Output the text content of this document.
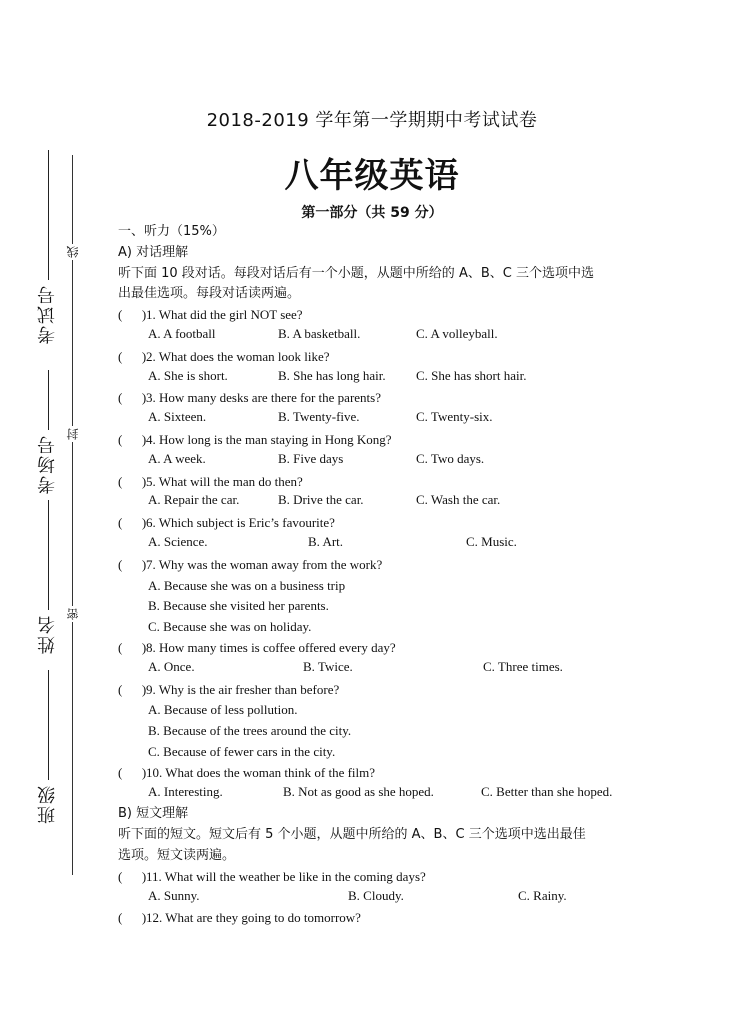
考试号
考场号
姓名
班级
线
封
密
2018-2019 学年第一学期期中考试试卷
八年级英语
第一部分（共 59 分）
一、听力（15%）
A) 对话理解
听下面 10 段对话。每段对话后有一个小题，从题中所给的 A、B、C 三个选项中选
出最佳选项。每段对话读两遍。
(      )1. What did the girl NOT see?
A. A football	B. A basketball.	C. A volleyball.
(      )2. What does the woman look like?
A. She is short.	B. She has long hair. C. She has short hair.
(      )3. How many desks are there for the parents?
A. Sixteen.	B. Twenty-five.	C. Twenty-six.
(      )4. How long is the man staying in Hong Kong?
A. A week.	B. Five days	C. Two days.
(      )5. What will the man do then?
A. Repair the car.	B. Drive the car.	C. Wash the car.
(      )6. Which subject is Eric’s favourite?
A. Science.	B. Art.	C. Music.
(      )7. Why was the woman away from the work?
A. Because she was on a business trip
B. Because she visited her parents.
C. Because she was on holiday.
(      )8. How many times is coffee offered every day?
A. Once.	B. Twice.	C. Three times.
(      )9. Why is the air fresher than before?
A. Because of less pollution.
B. Because of the trees around the city.
C. Because of fewer cars in the city.
(      )10. What does the woman think of the film?
A. Interesting.	B. Not as good as she hoped.	C. Better than she hoped.
B) 短文理解
听下面的短文。短文后有 5 个小题，从题中所给的 A、B、C 三个选项中选出最佳
选项。短文读两遍。
(      )11. What will the weather be like in the coming days?
A. Sunny.	B. Cloudy.	C. Rainy.
(      )12. What are they going to do tomorrow?
